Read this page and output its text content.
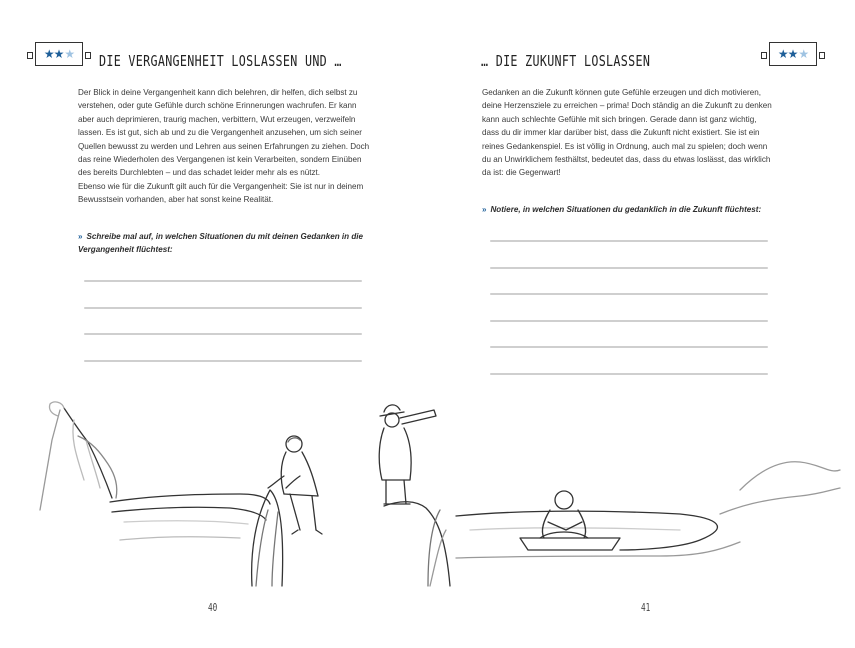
★★ ★ DIE VERGANGENHEIT LOSLASSEN UND …

Der Blick in deine Vergangenheit kann dich belehren, dir helfen, dich selbst zu verstehen, oder gute Gefühle durch schöne Erinnerungen wachrufen. Er kann aber auch deprimieren, traurig machen, verbittern, Wut erzeugen, verzweifeln lassen. Es ist gut, sich ab und zu die Vergangenheit anzusehen, um sich seiner Quellen bewusst zu werden und Lehren aus seinen Erfahrungen zu ziehen. Doch das reine Wiederholen des Vergangenen ist kein Verarbeiten, sondern Einüben des bereits Durchlebten – und das schadet leider mehr als es nützt.

Ebenso wie für die Zukunft gilt auch für die Vergangenheit: Sie ist nur in deinem Bewusstsein vorhanden, aber hat sonst keine Realität.

» Schreibe mal auf, in welchen Situationen du mit deinen Gedanken in die Vergangenheit flüchtest:
40
… DIE ZUKUNFT LOSLASSEN	★★ ★

Gedanken an die Zukunft können gute Gefühle erzeugen und dich motivieren, deine Herzensziele zu erreichen – prima! Doch ständig an die Zukunft zu denken kann auch schlechte Gefühle mit sich bringen. Gerade dann ist ganz wichtig, dass du dir immer klar darüber bist, dass die Zukunft nicht existiert. Sie ist ein reines Gedankenspiel. Es ist völlig in Ordnung, auch mal zu spielen; doch wenn du an Unwirklichem festhältst, bedeutet das, dass du etwas loslässt, das wirklich da ist: die Gegenwart!

» Notiere, in welchen Situationen du gedanklich in die Zukunft flüchtest:
41
